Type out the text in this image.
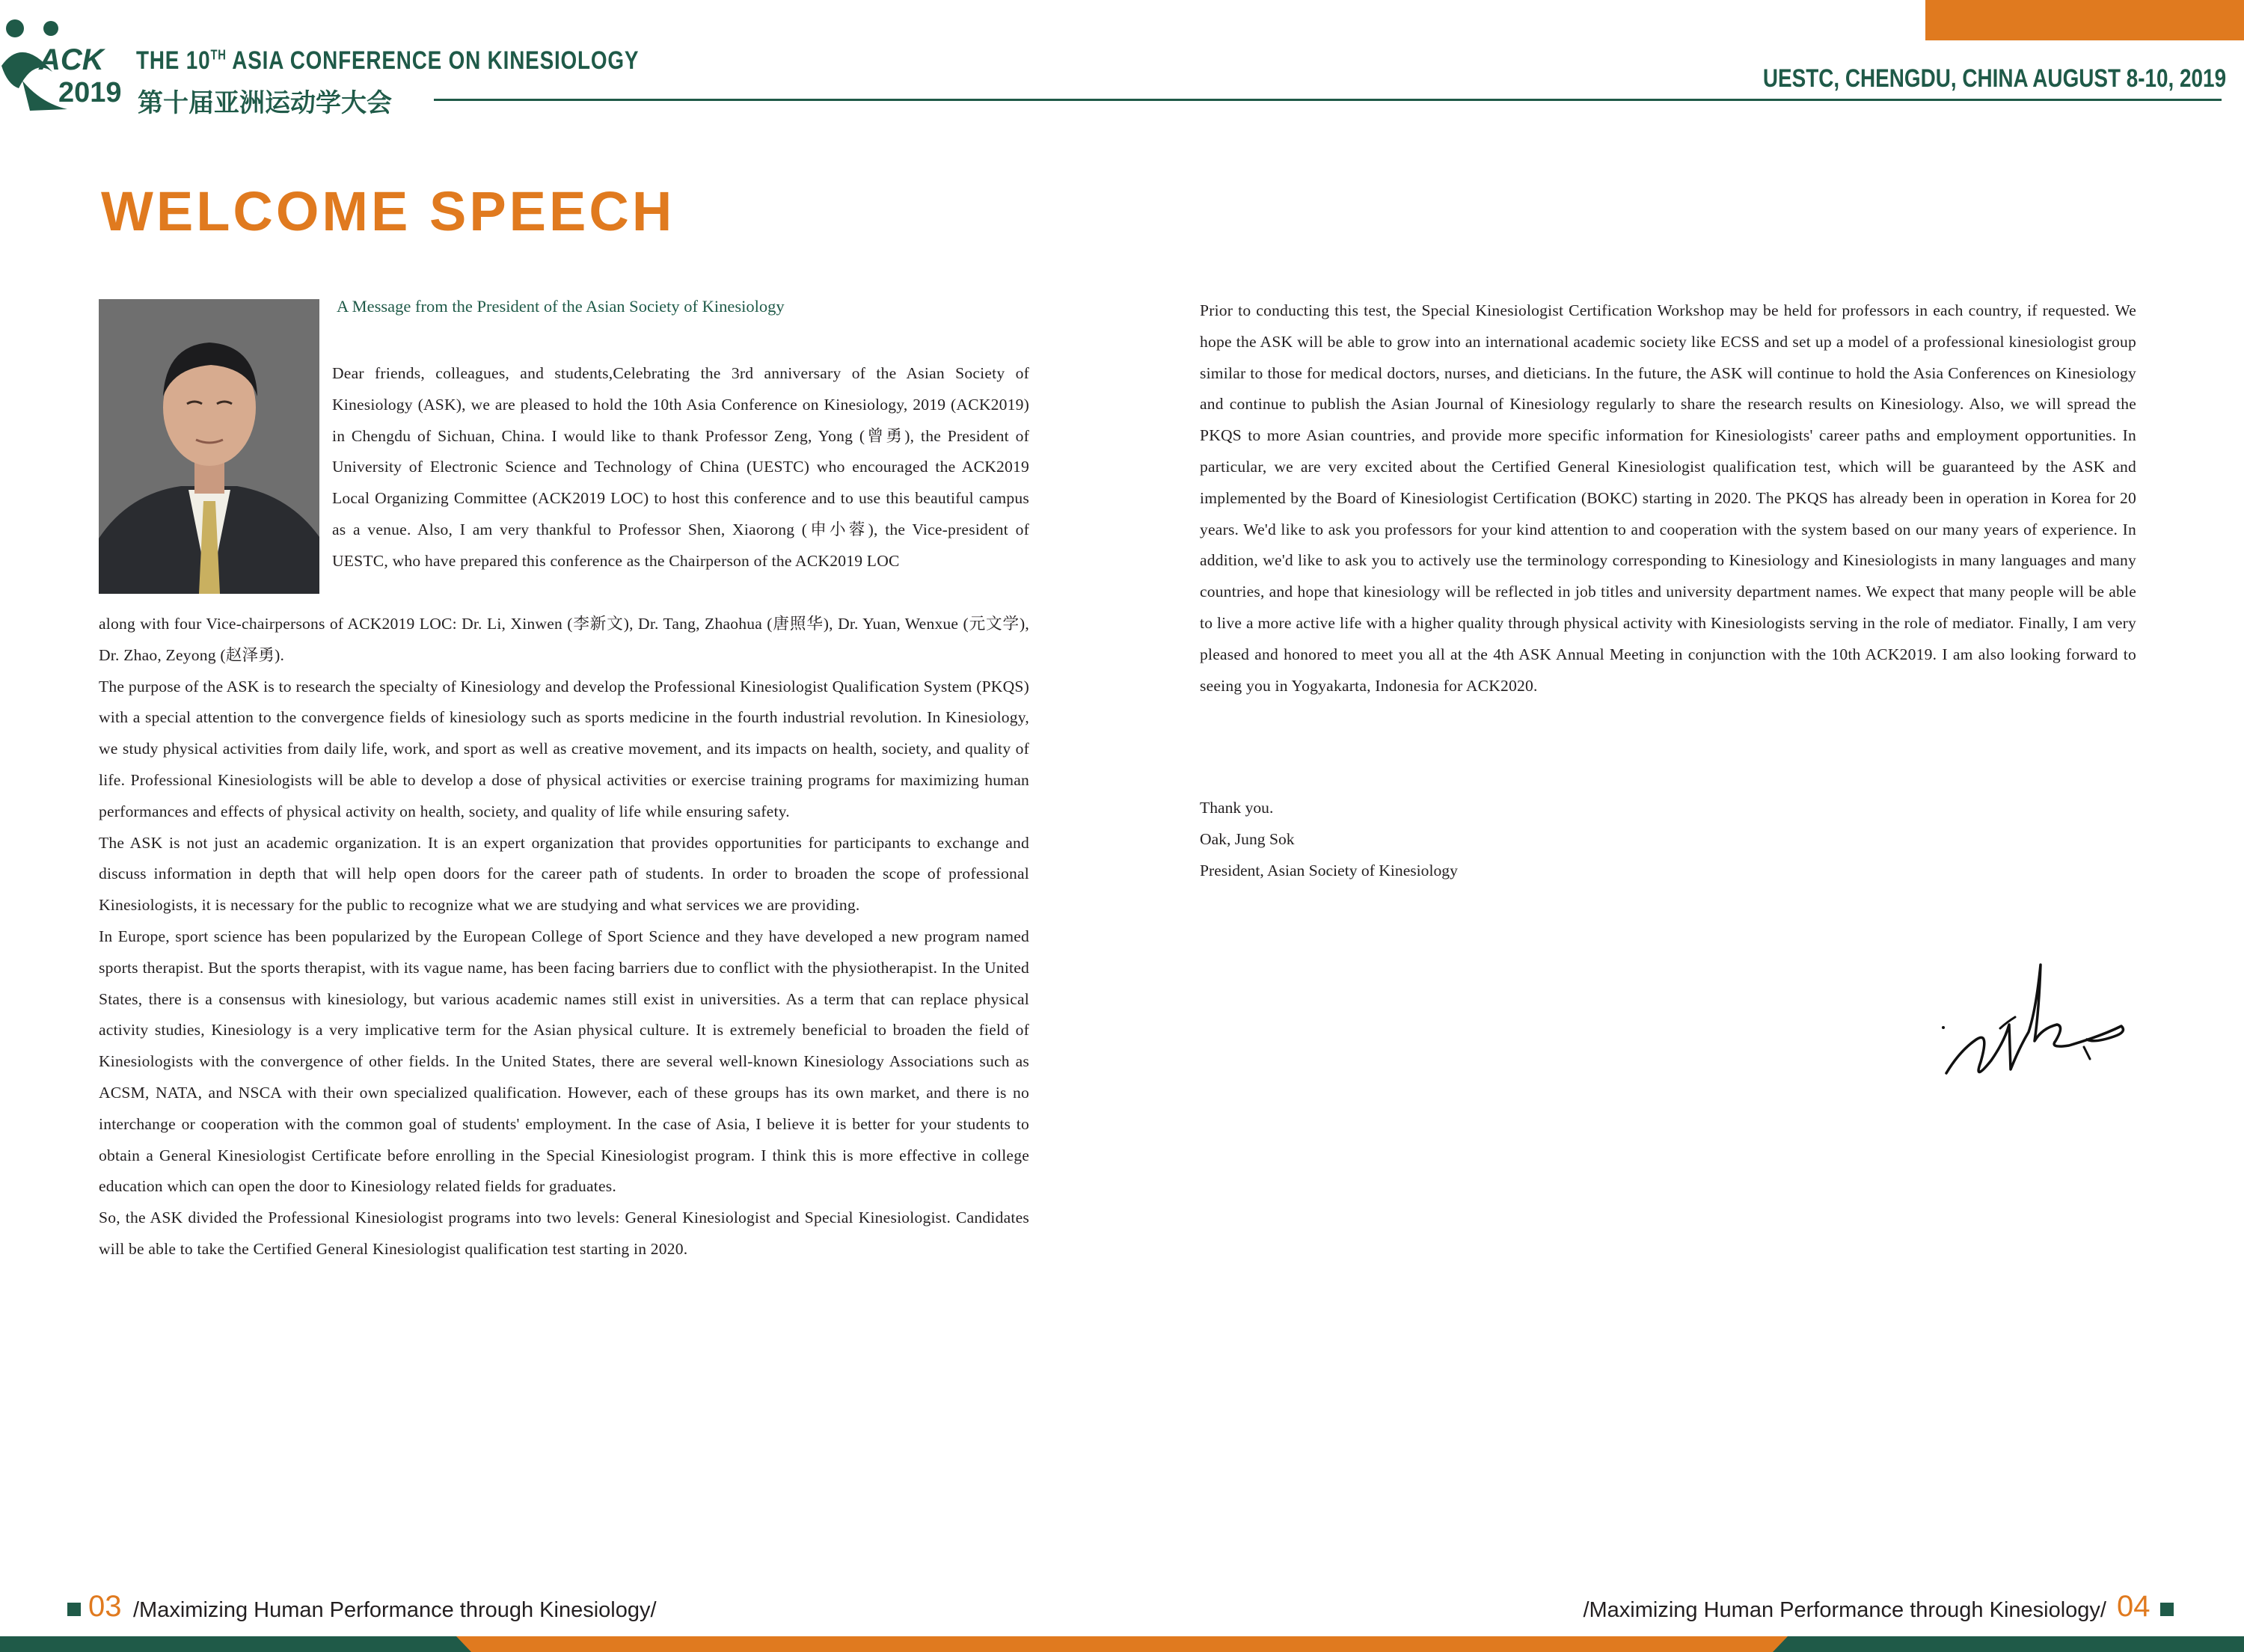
ACK
2019
THE 10TH ASIA CONFERENCE ON KINESIOLOGY
第十届亚洲运动学大会
UESTC, CHENGDU, CHINA AUGUST 8-10, 2019
WELCOME SPEECH
A Message from the President of the Asian Society of Kinesiology

Dear friends, colleagues, and students,Celebrating the 3rd anniversary of the Asian Society of Kinesiology (ASK), we are pleased to hold the 10th Asia Conference on Kinesiology, 2019 (ACK2019) in Chengdu of Sichuan, China. I would like to thank Professor Zeng, Yong (曾勇), the President of University of Electronic Science and Technology of China (UESTC) who encouraged the ACK2019 Local Organizing Committee (ACK2019 LOC) to host this conference and to use this beautiful campus as a venue. Also, I am very thankful to Professor Shen, Xiaorong (申小蓉), the Vice-president of UESTC, who have prepared this conference as the Chairperson of the ACK2019 LOC

along with four Vice-chairpersons of ACK2019 LOC: Dr. Li, Xinwen (李新文), Dr. Tang, Zhaohua (唐照华), Dr. Yuan, Wenxue (元文学), Dr. Zhao, Zeyong (赵泽勇).

The purpose of the ASK is to research the specialty of Kinesiology and develop the Professional Kinesiologist Qualification System (PKQS) with a special attention to the convergence fields of kinesiology such as sports medicine in the fourth industrial revolution. In Kinesiology, we study physical activities from daily life, work, and sport as well as creative movement, and its impacts on health, society, and quality of life. Professional Kinesiologists will be able to develop a dose of physical activities or exercise training programs for maximizing human performances and effects of physical activity on health, society, and quality of life while ensuring safety.

The ASK is not just an academic organization. It is an expert organization that provides opportunities for participants to exchange and discuss information in depth that will help open doors for the career path of students. In order to broaden the scope of professional Kinesiologists, it is necessary for the public to recognize what we are studying and what services we are providing.

In Europe, sport science has been popularized by the European College of Sport Science and they have developed a new program named sports therapist. But the sports therapist, with its vague name, has been facing barriers due to conflict with the physiotherapist. In the United States, there is a consensus with kinesiology, but various academic names still exist in universities. As a term that can replace physical activity studies, Kinesiology is a very implicative term for the Asian physical culture. It is extremely beneficial to broaden the field of Kinesiologists with the convergence of other fields. In the United States, there are several well-known Kinesiology Associations such as ACSM, NATA, and NSCA with their own specialized qualification. However, each of these groups has its own market, and there is no interchange or cooperation with the common goal of students' employment. In the case of Asia, I believe it is better for your students to obtain a General Kinesiologist Certificate before enrolling in the Special Kinesiologist program. I think this is more effective in college education which can open the door to Kinesiology related fields for graduates.

So, the ASK divided the Professional Kinesiologist programs into two levels: General Kinesiologist and Special Kinesiologist. Candidates will be able to take the Certified General Kinesiologist qualification test starting in 2020.

Prior to conducting this test, the Special Kinesiologist Certification Workshop may be held for professors in each country, if requested. We hope the ASK will be able to grow into an international academic society like ECSS and set up a model of a professional kinesiologist group similar to those for medical doctors, nurses, and dieticians. In the future, the ASK will continue to hold the Asia Conferences on Kinesiology and continue to publish the Asian Journal of Kinesiology regularly to share the research results on Kinesiology. Also, we will spread the PKQS to more Asian countries, and provide more specific information for Kinesiologists' career paths and employment opportunities. In particular, we are very excited about the Certified General Kinesiologist qualification test, which will be guaranteed by the ASK and implemented by the Board of Kinesiologist Certification (BOKC) starting in 2020. The PKQS has already been in operation in Korea for 20 years. We'd like to ask you professors for your kind attention to and cooperation with the system based on our many years of experience. In addition, we'd like to ask you to actively use the terminology corresponding to Kinesiology and Kinesiologists in many languages and many countries, and hope that kinesiology will be reflected in job titles and university department names. We expect that many people will be able to live a more active life with a higher quality through physical activity with Kinesiologists serving in the role of mediator. Finally, I am very pleased and honored to meet you all at the 4th ASK Annual Meeting in conjunction with the 10th ACK2019. I am also looking forward to seeing you in Yogyakarta, Indonesia for ACK2020.

Thank you.
Oak, Jung Sok
President, Asian Society of Kinesiology
03 /Maximizing Human Performance through Kinesiology/	/Maximizing Human Performance through Kinesiology/ 04
